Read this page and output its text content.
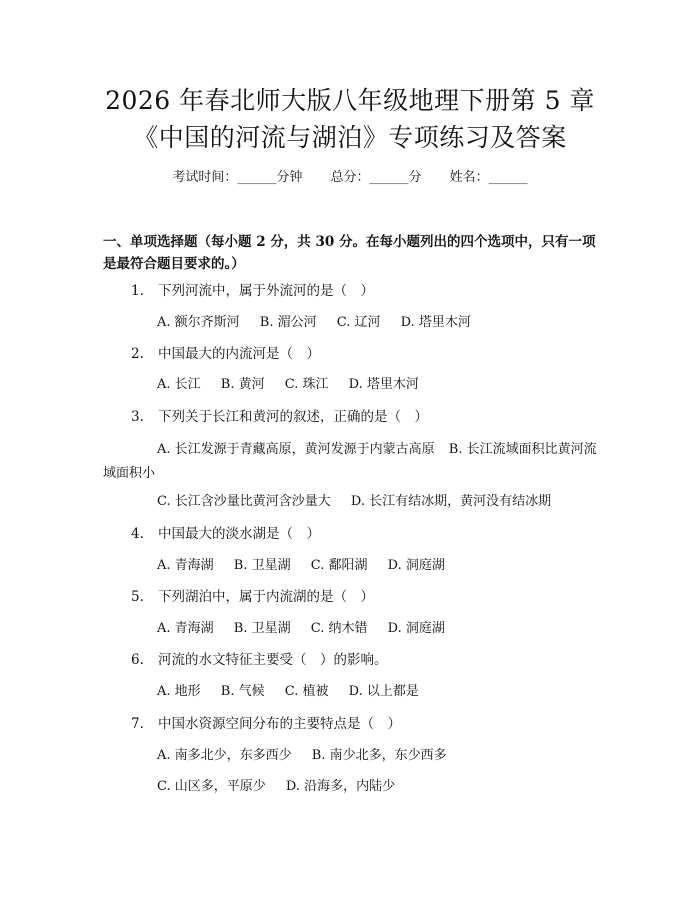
2026 年春北师大版八年级地理下册第 5 章
《中国的河流与湖泊》专项练习及答案
考试时间：______分钟 总分：______分 姓名：______
一、单项选择题（每小题 2 分，共 30 分。在每小题列出的四个选项中，只有一项是最符合题目要求的。）
1. 下列河流中，属于外流河的是（　）
A. 额尔齐斯河 B. 湄公河 C. 辽河 D. 塔里木河
2. 中国最大的内流河是（　）
A. 长江 B. 黄河 C. 珠江 D. 塔里木河
3. 下列关于长江和黄河的叙述，正确的是（　）
A. 长江发源于青藏高原，黄河发源于内蒙古高原 B. 长江流域面积比黄河流域面积小
C. 长江含沙量比黄河含沙量大 D. 长江有结冰期，黄河没有结冰期
4. 中国最大的淡水湖是（　）
A. 青海湖 B. 卫星湖 C. 鄱阳湖 D. 洞庭湖
5. 下列湖泊中，属于内流湖的是（　）
A. 青海湖 B. 卫星湖 C. 纳木错 D. 洞庭湖
6. 河流的水文特征主要受（　）的影响。
A. 地形 B. 气候 C. 植被 D. 以上都是
7. 中国水资源空间分布的主要特点是（　）
A. 南多北少，东多西少 B. 南少北多，东少西多
C. 山区多，平原少 D. 沿海多，内陆少
